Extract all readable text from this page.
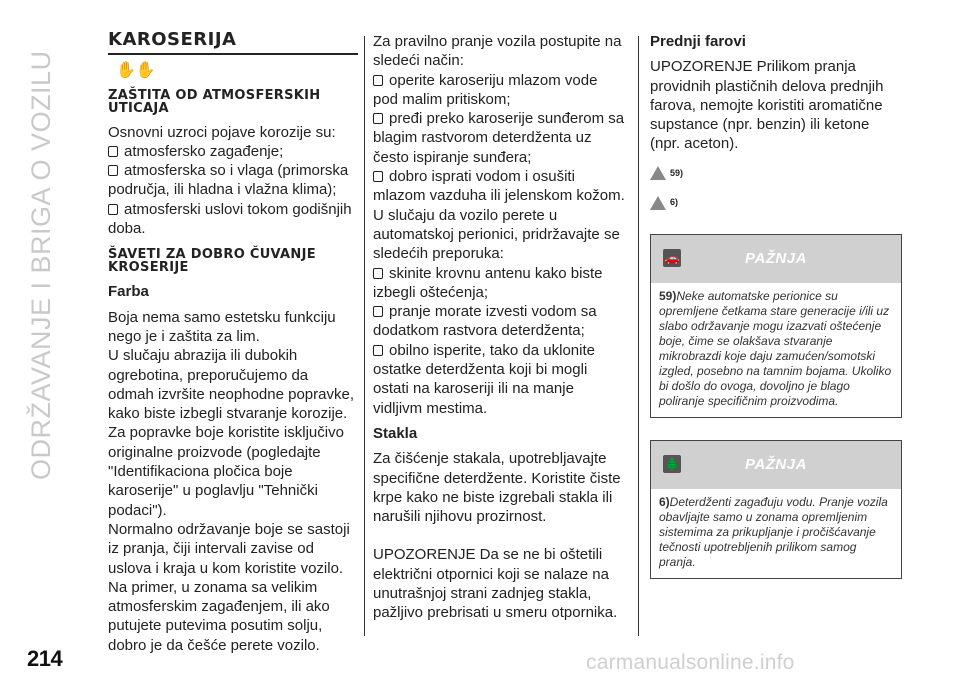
ODRŽAVANJE I BRIGA O VOZILU
214
KAROSERIJA
✋✋
ZAŠTITA OD ATMOSFERSKIH UTICAJA

Osnovni uzroci pojave korozije su:

atmosfersko zagađenje;

atmosferska so i vlaga (primorska područja, ili hladna i vlažna klima);

atmosferski uslovi tokom godišnjih doba.

ŠAVETI ZA DOBRO ČUVANJE KROSERIJE
Farba

Boja nema samo estetsku funkciju nego je i zaštita za lim.

U slučaju abrazija ili dubokih ogrebotina, preporučujemo da odmah izvršite neophodne popravke, kako biste izbegli stvaranje korozije. Za popravke boje koristite isključivo originalne proizvode (pogledajte "Identifikaciona pločica boje karoserije" u poglavlju "Tehnički podaci").

Normalno održavanje boje se sastoji iz pranja, čiji intervali zavise od uslova i kraja u kom koristite vozilo.

Na primer, u zonama sa velikim atmosferskim zagađenjem, ili ako putujete putevima posutim solju, dobro je da češće perete vozilo.

Za pravilno pranje vozila postupite na sledeći način:

operite karoseriju mlazom vode pod malim pritiskom;

pređi preko karoserije sunđerom sa blagim rastvorom deterdženta uz često ispiranje sunđera;

dobro isprati vodom i osušiti mlazom vazduha ili jelenskom kožom.

U slučaju da vozilo perete u automatskoj perionici, pridržavajte se sledećih preporuka:

skinite krovnu antenu kako biste izbegli oštećenja;

pranje morate izvesti vodom sa dodatkom rastvora deterdženta;

obilno isperite, tako da uklonite ostatke deterdženta koji bi mogli ostati na karoseriji ili na manje vidljivm mestima.

Stakla

Za čišćenje stakala, upotrebljavajte specifične deterdžente. Koristite čiste krpe kako ne biste izgrebali stakla ili narušili njihovu prozirnost.

UPOZORENJE Da se ne bi oštetili električni otpornici koji se nalaze na unutrašnjoj strani zadnjeg stakla, pažljivo prebrisati u smeru otpornika.

Prednji farovi

UPOZORENJE Prilikom pranja providnih plastičnih delova prednjih farova, nemojte koristiti aromatične supstance (npr. benzin) ili ketone (npr. aceton).

59)
6)
🚗	PAŽNJA
59)Neke automatske perionice su opremljene četkama stare generacije i/ili uz slabo održavanje mogu izazvati oštećenje boje, čime se olakšava stvaranje mikrobrazdi koje daju zamućen/somotski izgled, posebno na tamnim bojama. Ukoliko bi došlo do ovoga, dovoljno je blago poliranje specifičnim proizvodima.
🌲	PAŽNJA
6)Deterdženti zagađuju vodu. Pranje vozila obavljajte samo u zonama opremljenim sistemima za prikupljanje i pročišćavanje tečnosti upotrebljenih prilikom samog pranja.
carmanualsonline.info
